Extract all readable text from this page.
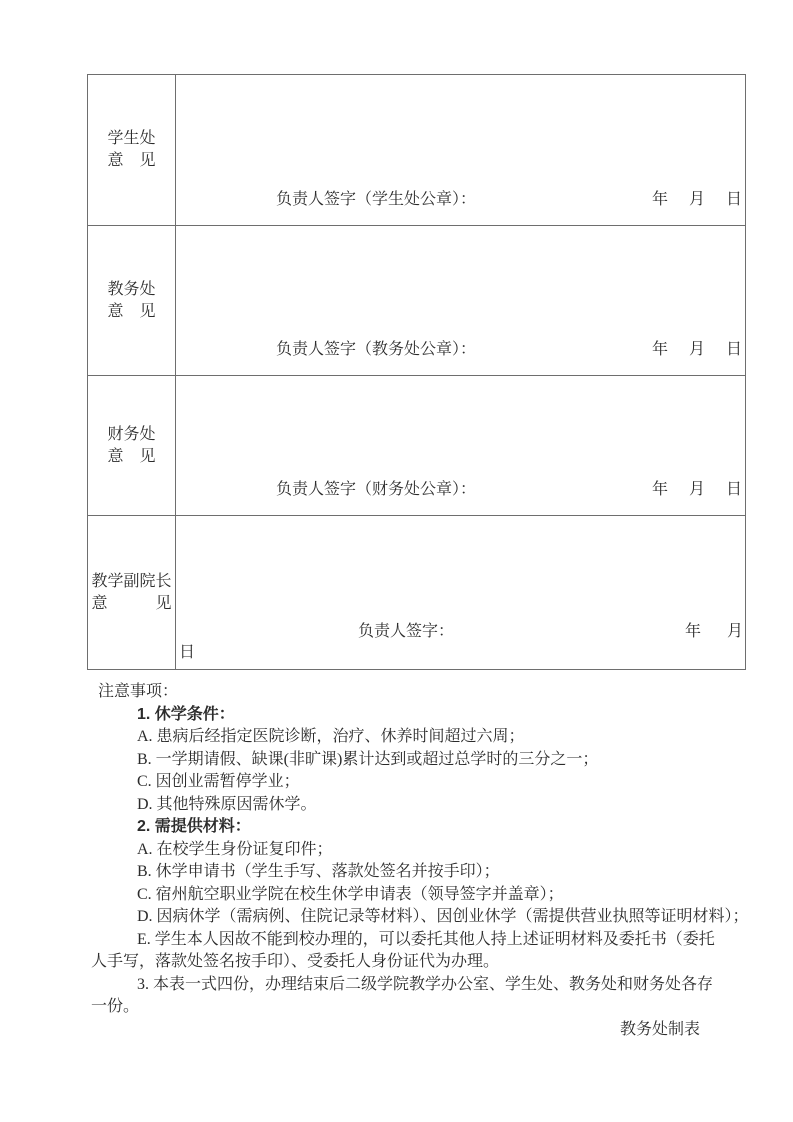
学生处
意 见
负责人签字（学生处公章）：	年 月 日
教务处
意 见
负责人签字（教务处公章）：	年 月 日
财务处
意 见
负责人签字（财务处公章）：	年 月 日
教学副院长
意	见
负责人签字：	年 月
日
注意事项：
1. 休学条件：
A. 患病后经指定医院诊断，治疗、休养时间超过六周；
B. 一学期请假、缺课(非旷课)累计达到或超过总学时的三分之一；
C. 因创业需暂停学业；
D. 其他特殊原因需休学。
2. 需提供材料：
A. 在校学生身份证复印件；
B. 休学申请书（学生手写、落款处签名并按手印）；
C. 宿州航空职业学院在校生休学申请表（领导签字并盖章）；
D. 因病休学（需病例、住院记录等材料）、因创业休学（需提供营业执照等证明材料）；
E. 学生本人因故不能到校办理的，可以委托其他人持上述证明材料及委托书（委托
人手写，落款处签名按手印）、受委托人身份证代为办理。
3. 本表一式四份，办理结束后二级学院教学办公室、学生处、教务处和财务处各存
一份。
教务处制表
